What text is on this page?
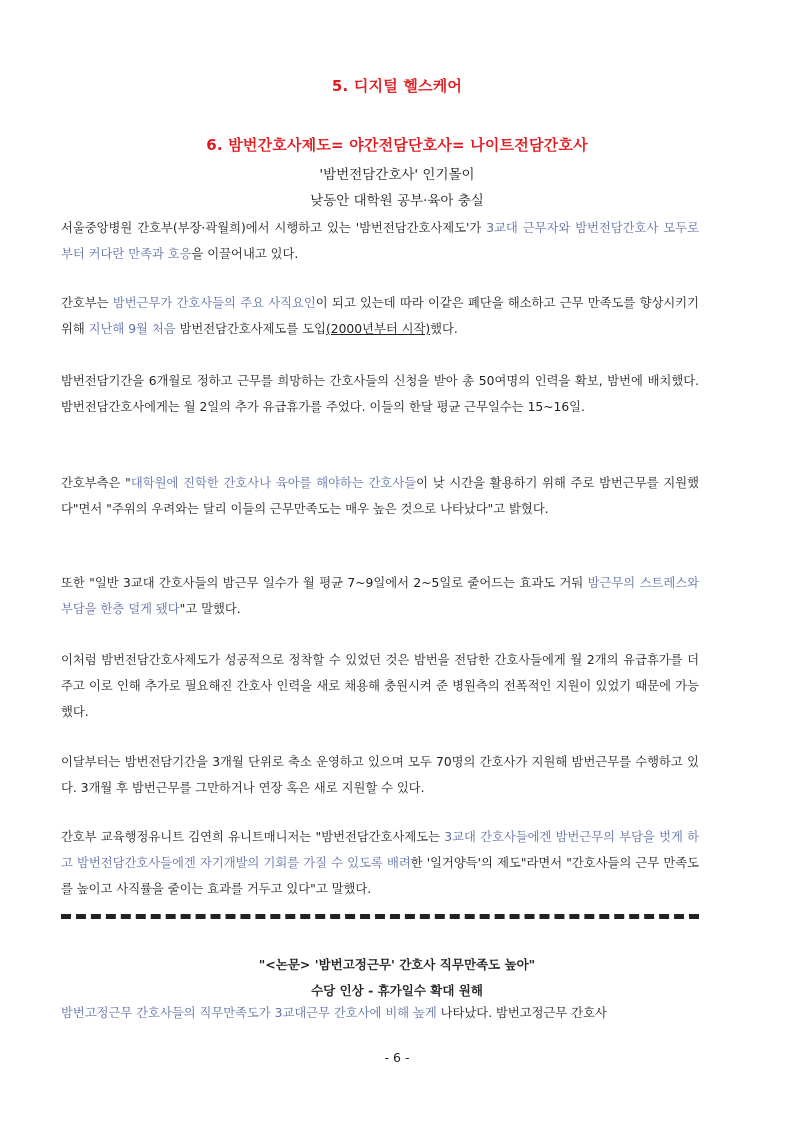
5. 디지털 헬스케어
6. 밤번간호사제도= 야간전담단호사= 나이트전담간호사
'밤번전담간호사' 인기몰이
낮동안 대학원 공부·육아 충실

서울중앙병원 간호부(부장·곽월희)에서 시행하고 있는 '밤번전담간호사제도'가 3교대 근무자와 밤번전담간호사 모두로부터 커다란 만족과 호응을 이끌어내고 있다.

간호부는 밤번근무가 간호사들의 주요 사직요인이 되고 있는데 따라 이같은 폐단을 해소하고 근무 만족도를 향상시키기 위해 지난해 9월 처음 밤번전담간호사제도를 도입(2000년부터 시작)했다.

밤번전담기간을 6개월로 정하고 근무를 희망하는 간호사들의 신청을 받아 총 50여명의 인력을 확보, 밤번에 배치했다. 밤번전담간호사에게는 월 2일의 추가 유급휴가를 주었다. 이들의 한달 평균 근무일수는 15~16일.

간호부측은 "대학원에 진학한 간호사나 육아를 해야하는 간호사들이 낮 시간을 활용하기 위해 주로 밤번근무를 지원했다"면서 "주위의 우려와는 달리 이들의 근무만족도는 매우 높은 것으로 나타났다"고 밝혔다.

또한 "일반 3교대 간호사들의 밤근무 일수가 월 평균 7~9일에서 2~5일로 줄어드는 효과도 거둬 밤근무의 스트레스와 부담을 한층 덜게 됐다"고 말했다.

이처럼 밤번전담간호사제도가 성공적으로 정착할 수 있었던 것은 밤번을 전담한 간호사들에게 월 2개의 유급휴가를 더 주고 이로 인해 추가로 필요해진 간호사 인력을 새로 채용해 충원시켜 준 병원측의 전폭적인 지원이 있었기 때문에 가능했다.

이달부터는 밤번전담기간을 3개월 단위로 축소 운영하고 있으며 모두 70명의 간호사가 지원해 밤번근무를 수행하고 있다. 3개월 후 밤번근무를 그만하거나 연장 혹은 새로 지원할 수 있다.

간호부 교육행정유니트 김연희 유니트매니저는 "밤번전담간호사제도는 3교대 간호사들에겐 밤번근무의 부담을 벗게 하고 밤번전담간호사들에겐 자기개발의 기회를 가질 수 있도록 배려한 '일거양득'의 제도"라면서 "간호사들의 근무 만족도를 높이고 사직률을 줄이는 효과를 거두고 있다"고 말했다.

"<논문> '밤번고정근무' 간호사 직무만족도 높아"
수당 인상 - 휴가일수 확대 원해

밤번고정근무 간호사들의 직무만족도가 3교대근무 간호사에 비해 높게 나타났다. 밤번고정근무 간호사

- 6 -
